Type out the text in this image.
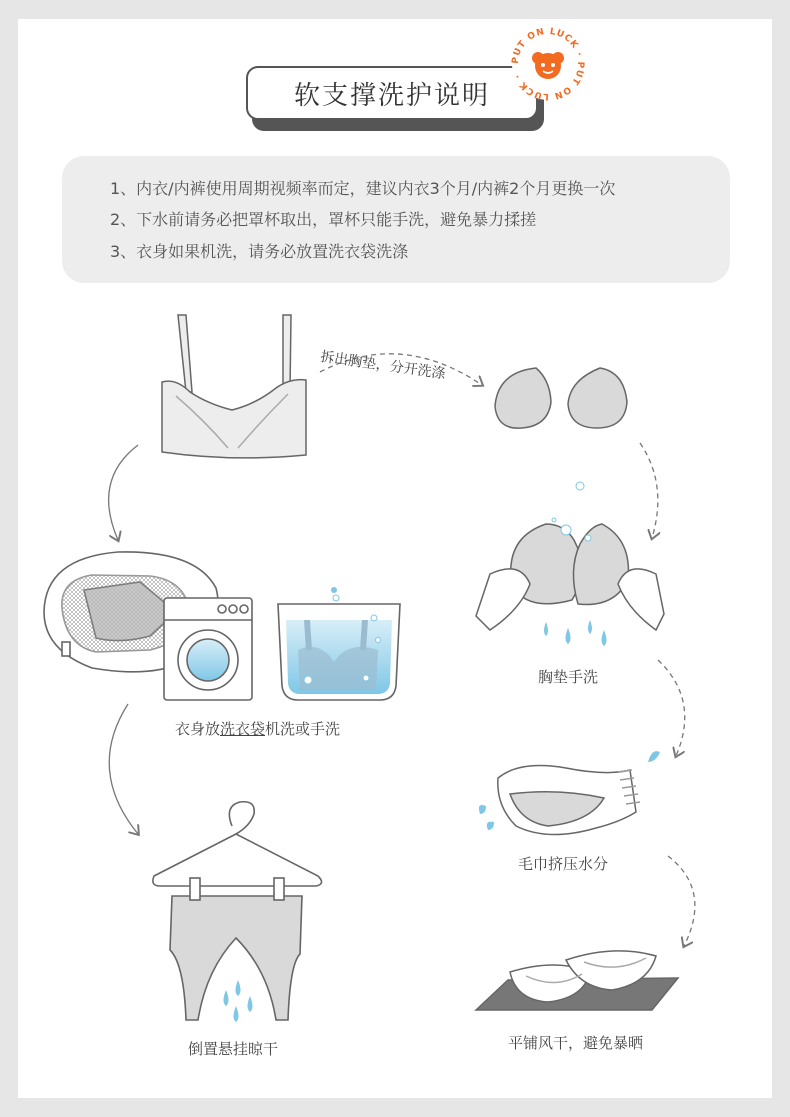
软支撑洗护说明
PUT ON LUCK · PUT ON LUCK ·
1、内衣/内裤使用周期视频率而定，建议内衣3个月/内裤2个月更换一次
2、下水前请务必把罩杯取出，罩杯只能手洗，避免暴力揉搓
3、衣身如果机洗，请务必放置洗衣袋洗涤
拆出胸垫，分开洗涤
衣身放洗衣袋机洗或手洗
胸垫手洗
毛巾挤压水分
倒置悬挂晾干	平铺风干，避免暴晒
